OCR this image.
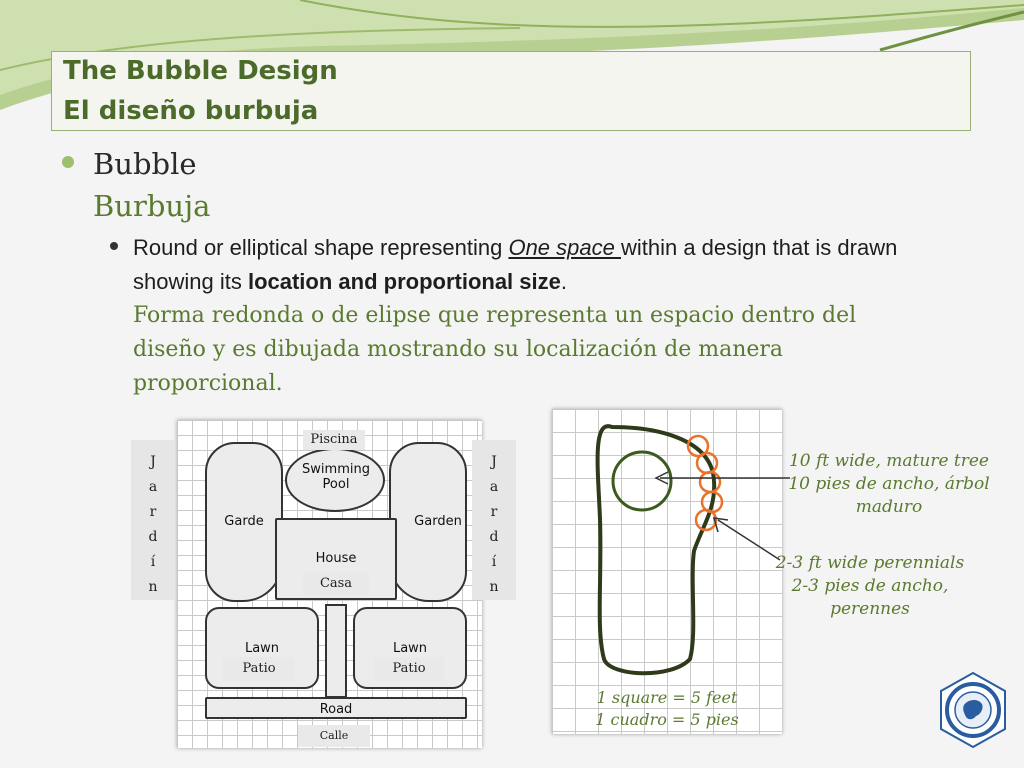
The Bubble Design
El diseño burbuja
Bubble
Burbuja
Round or elliptical shape representing One space within a design that is drawn showing its location and proportional size.
Forma redonda o de elipse que representa un espacio dentro del diseño y es dibujada mostrando su localización de manera proporcional.
Piscina
Swimming Pool
Garde	Garden
House
Casa
Lawn
Patio
Lawn
Patio
Road
Calle
J
a
r
d
í
n
J
a
r
d
í
n
1 square = 5 feet
1 cuadro = 5 pies
10 ft wide, mature tree
10 pies de ancho, árbol maduro
2-3 ft wide perennials
2-3 pies de ancho, perennes
